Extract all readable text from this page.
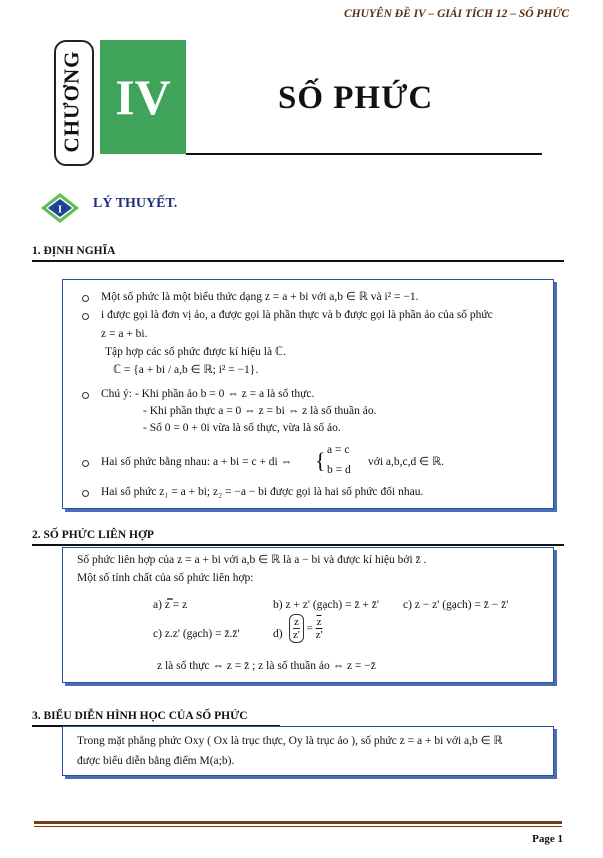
CHUYÊN ĐỀ IV – GIẢI TÍCH 12 – SỐ PHỨC
CHƯƠNG IV	SỐ PHỨC
I LÝ THUYẾT.
1. ĐỊNH NGHĨA
Một số phức là một biểu thức dạng z = a + bi với a,b ∈ ℝ và i² = −1.
i được gọi là đơn vị ảo, a được gọi là phần thực và b được gọi là phần ảo của số phức
z = a + bi.
Tập hợp các số phức được kí hiệu là ℂ.
ℂ = {a + bi / a,b ∈ ℝ; i² = −1}.
Chú ý: - Khi phần ảo b = 0 ⇔ z = a là số thực.
- Khi phần thực a = 0 ⇔ z = bi ⇔ z là số thuần ảo.
- Số 0 = 0 + 0i vừa là số thực, vừa là số ảo.
Hai số phức bằng nhau: a + bi = c + di ⇔ { a = c
b = d
với a,b,c,d ∈ ℝ.
Hai số phức z₁ = a + bi; z₂ = −a − bi được gọi là hai số phức đối nhau.
2. SỐ PHỨC LIÊN HỢP
Số phức liên hợp của z = a + bi với a,b ∈ ℝ là a − bi và được kí hiệu bởi z̄ .
Một số tính chất của số phức liên hợp:
a) z̿ = z	b) z + z' (gạch) = z̄ + z̄' c) z − z' (gạch) = z̄ − z̄'
c) z.z' (gạch) = z̄.z̄'	$d) \frac{z}{z'} = \frac{\overline{z}}{z'}$
z là số thực ⇔ z = z̄ ; z là số thuần ảo ⇔ z = −z̄
3. BIỂU DIỄN HÌNH HỌC CỦA SỐ PHỨC
Trong mặt phẳng phức Oxy ( Ox là trục thực, Oy là trục ảo ), số phức z = a + bi với a,b ∈ ℝ
được biểu diễn bằng điểm M(a;b).
Page 1
